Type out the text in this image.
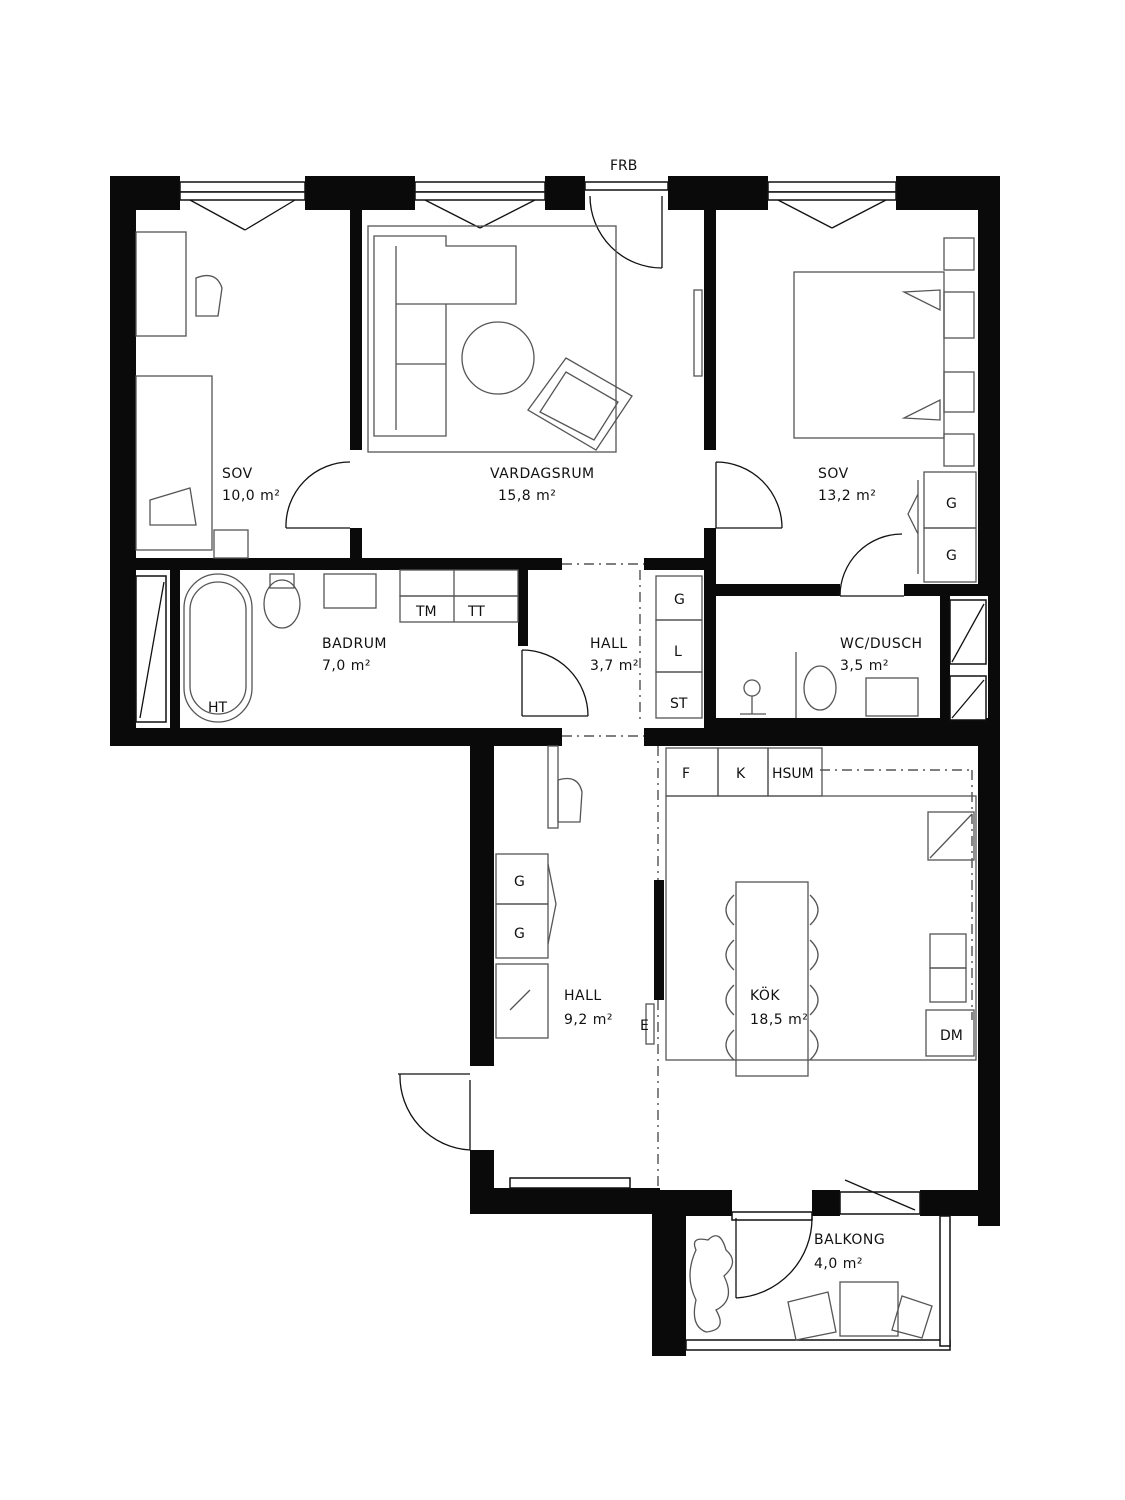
SOV
10,0 m²
VARDAGSRUM
15,8 m²
SOV
13,2 m²
BADRUM
7,0 m²
HALL
3,7 m²
WC/DUSCH
3,5 m²
HALL
9,2 m²
KÖK
18,5 m²
BALKONG
4,0 m²
FRB
TM TT
HT
G
L
ST
G
G
F	K HSUM
DM
G
G
E
